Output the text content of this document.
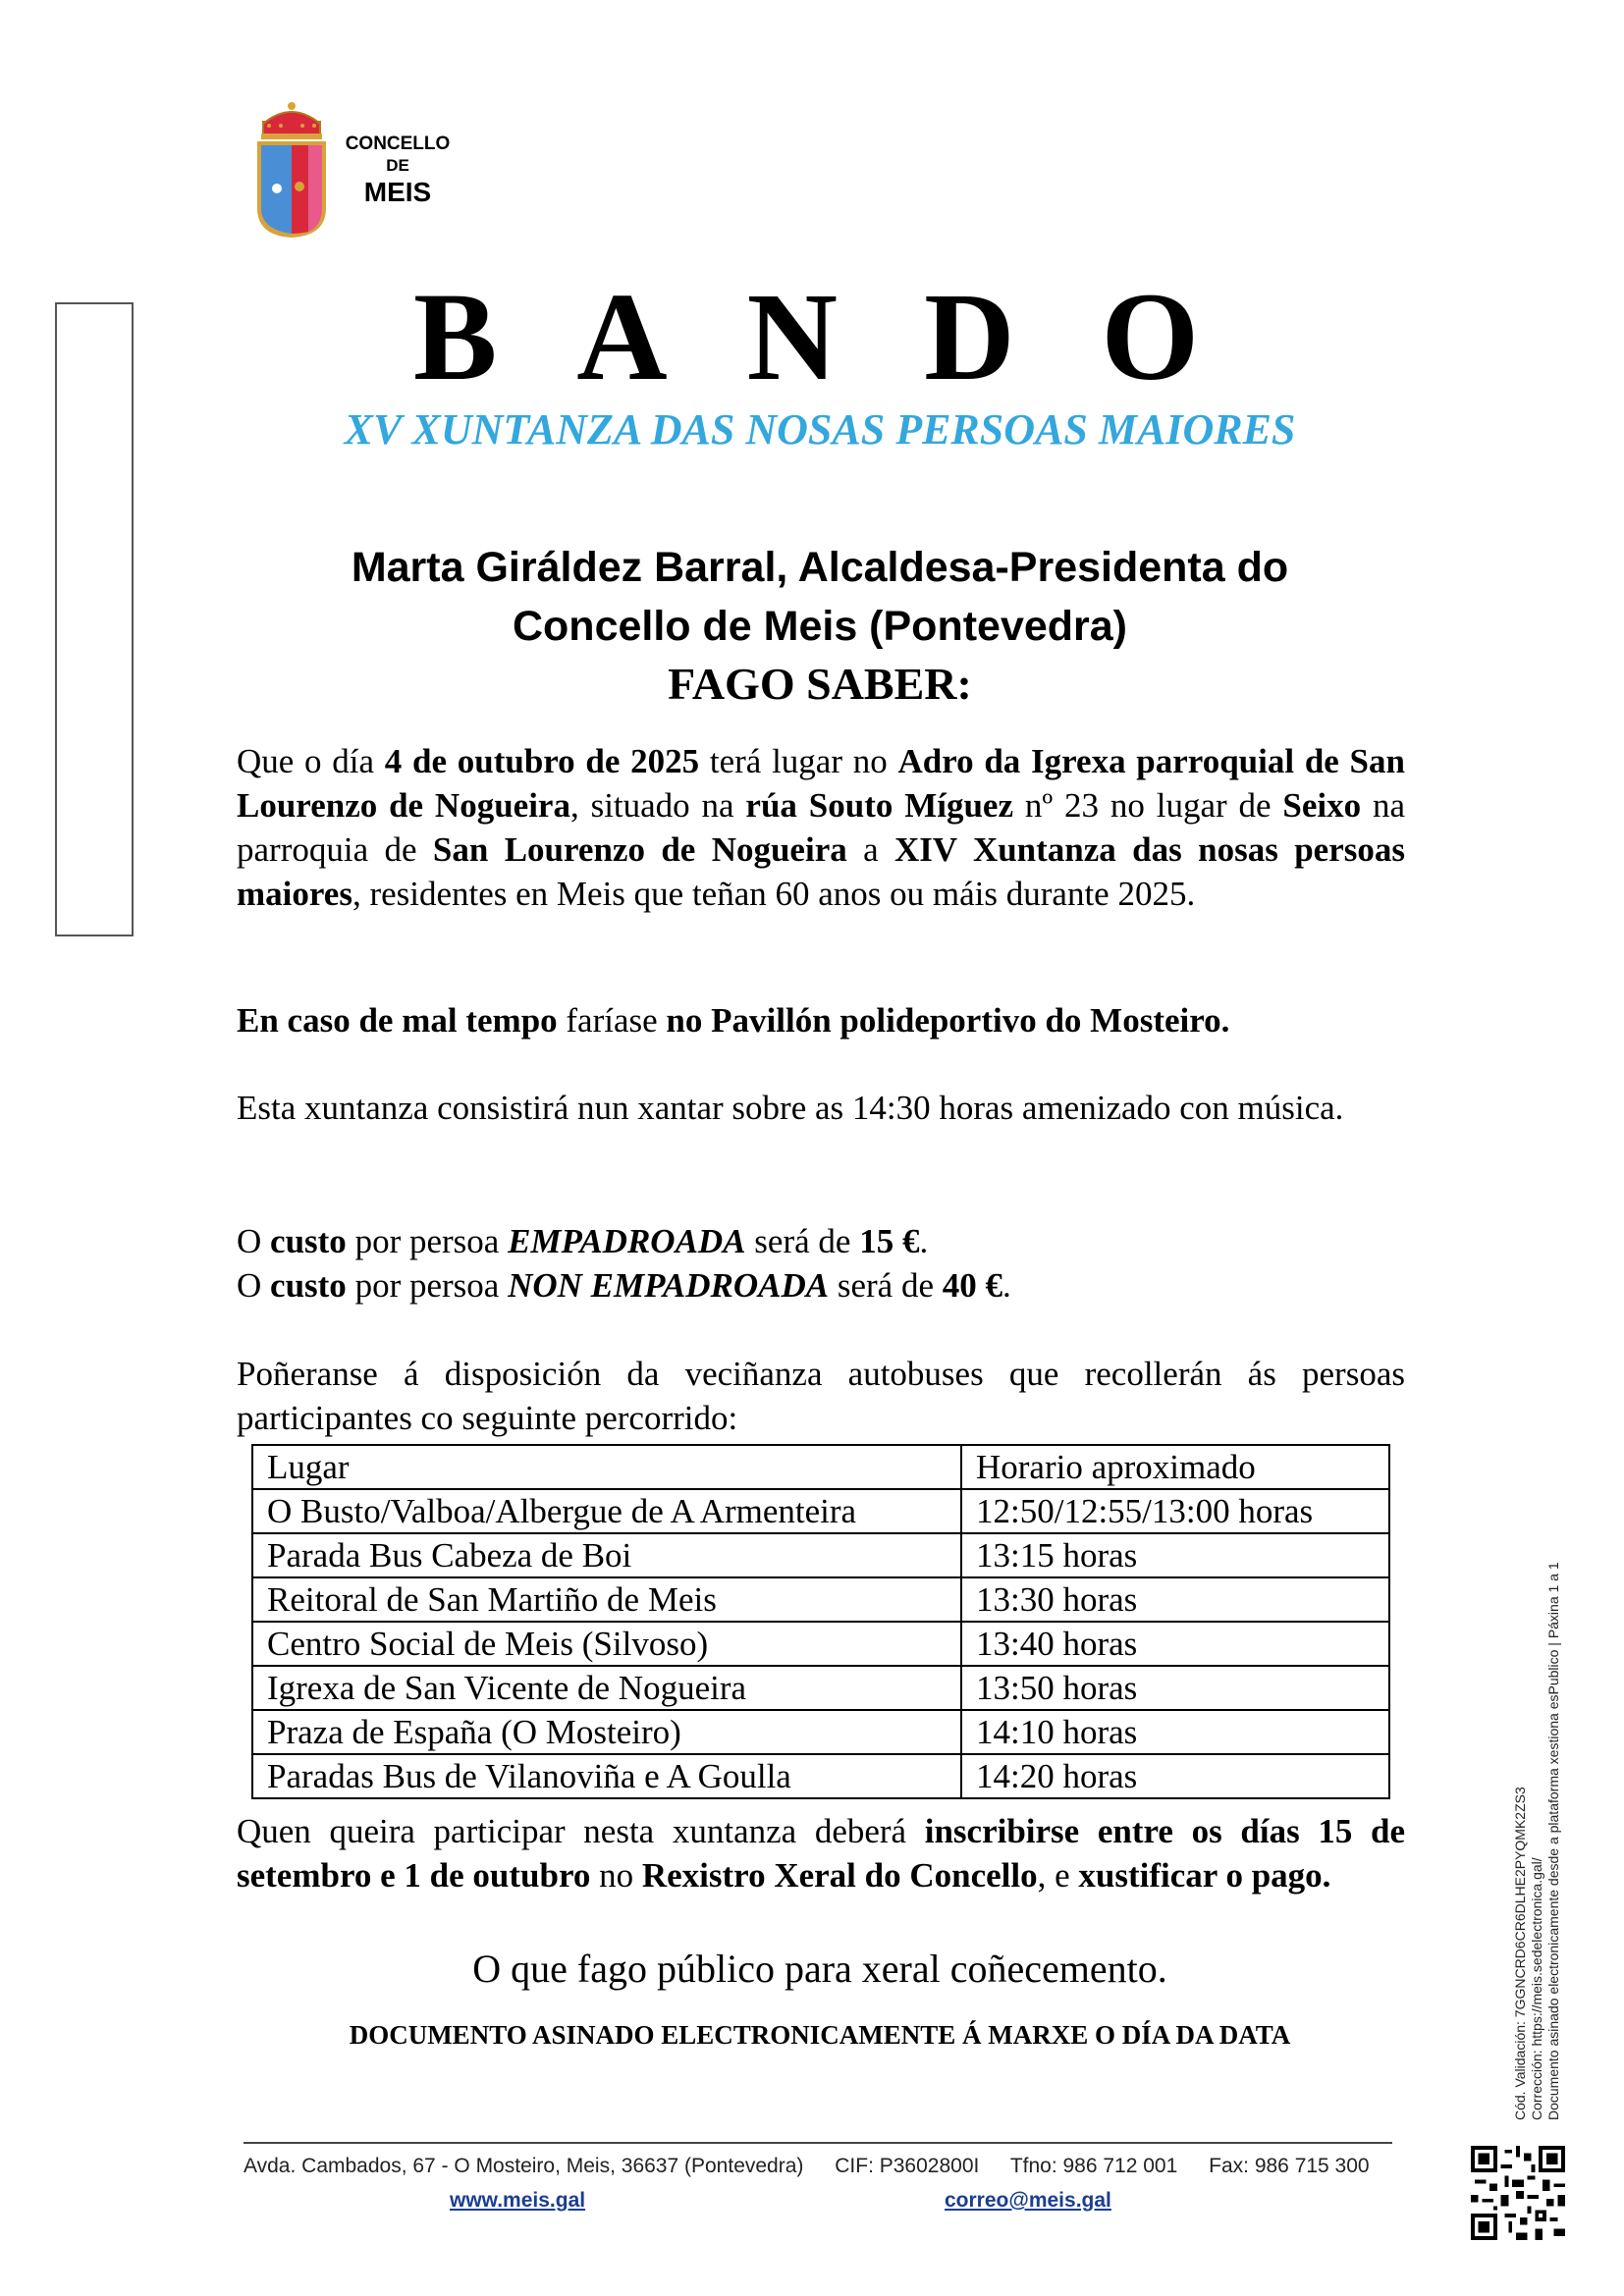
CONCELLO
DE
MEIS
B A N D O
XV XUNTANZA DAS NOSAS PERSOAS MAIORES
Marta Giráldez Barral, Alcaldesa-Presidenta do
Concello de Meis (Pontevedra)
FAGO SABER:
Que o día 4 de outubro de 2025 terá lugar no Adro da Igrexa parroquial de San Lourenzo de Nogueira, situado na rúa Souto Míguez nº 23 no lugar de Seixo na parroquia de San Lourenzo de Nogueira a XIV Xuntanza das nosas persoas maiores, residentes en Meis que teñan 60 anos ou máis durante 2025.
En caso de mal tempo faríase no Pavillón polideportivo do Mosteiro.
Esta xuntanza consistirá nun xantar sobre as 14:30 horas amenizado con música.
O custo por persoa EMPADROADA será de 15 €.
O custo por persoa NON EMPADROADA será de 40 €.
Poñeranse á disposición da veciñanza autobuses que recollerán ás persoas participantes co seguinte percorrido:
Lugar	Horario aproximado
O Busto/Valboa/Albergue de A Armenteira	12:50/12:55/13:00 horas
Parada Bus Cabeza de Boi	13:15 horas
Reitoral de San Martiño de Meis	13:30 horas
Centro Social de Meis (Silvoso)	13:40 horas
Igrexa de San Vicente de Nogueira	13:50 horas
Praza de España (O Mosteiro)	14:10 horas
Paradas Bus de Vilanoviña e A Goulla	14:20 horas
Quen queira participar nesta xuntanza deberá inscribirse entre os días 15 de setembro e 1 de outubro no Rexistro Xeral do Concello, e xustificar o pago.
O que fago público para xeral coñecemento.
DOCUMENTO ASINADO ELECTRONICAMENTE Á MARXE O DÍA DA DATA
Avda. Cambados, 67 - O Mosteiro, Meis, 36637 (Pontevedra) CIF: P3602800I Tfno: 986 712 001 Fax: 986 715 300
www.meis.gal	correo@meis.gal
Cód. Validación: 7GGNCRD6CR6DLHE2PYQMK2ZS3 Corrección: https://meis.sedelectronica.gal/ Documento asinado electronicamente desde a plataforma xestiona esPublico | Páxina 1 a 1
